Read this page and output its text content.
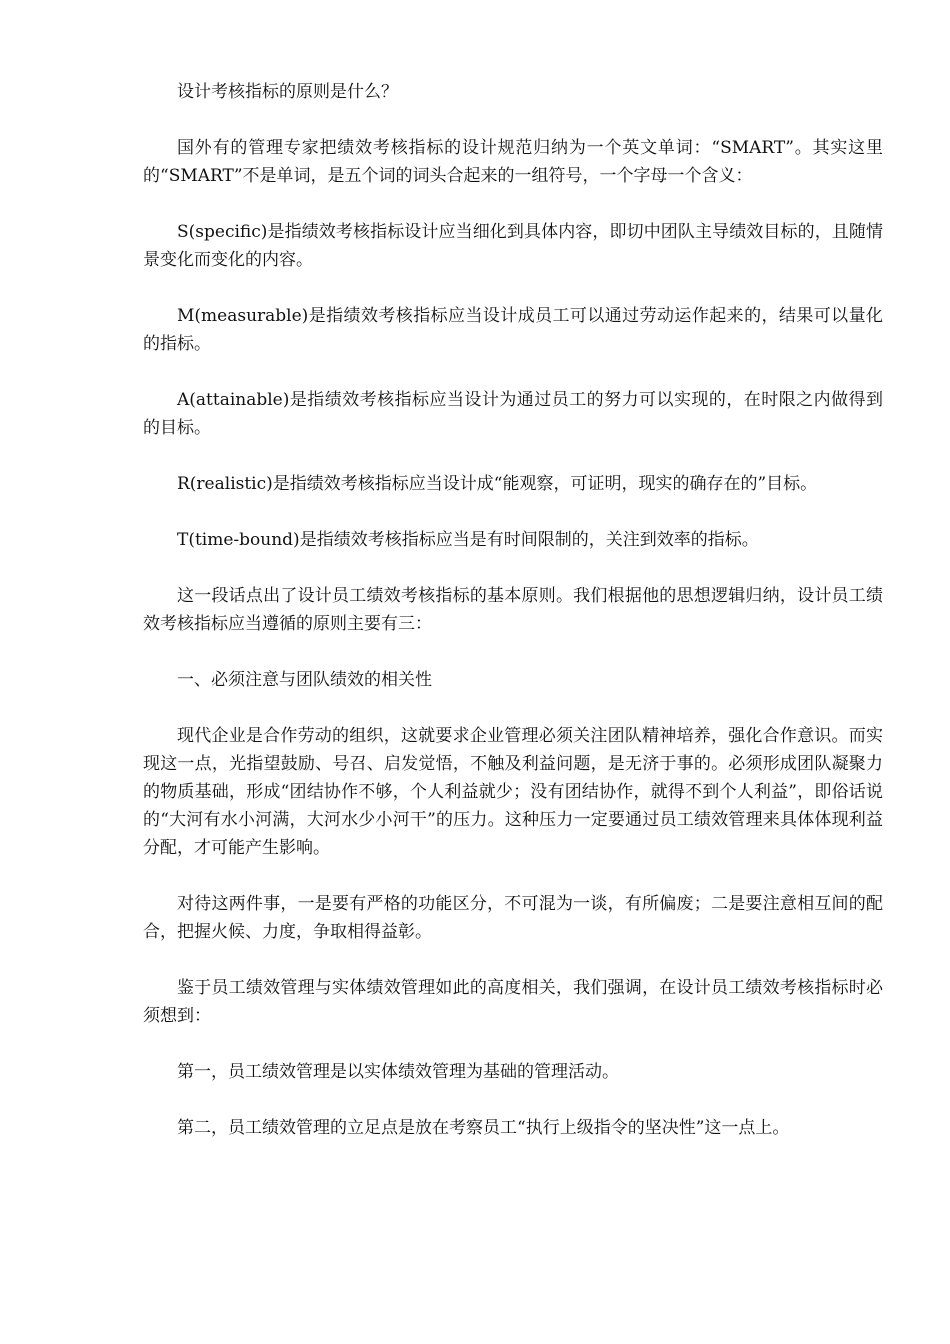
设计考核指标的原则是什么？

国外有的管理专家把绩效考核指标的设计规范归纳为一个英文单词：“SMART”。其实这里的“SMART”不是单词，是五个词的词头合起来的一组符号，一个字母一个含义：

S(specific)是指绩效考核指标设计应当细化到具体内容，即切中团队主导绩效目标的，且随情景变化而变化的内容。

M(measurable)是指绩效考核指标应当设计成员工可以通过劳动运作起来的，结果可以量化的指标。

A(attainable)是指绩效考核指标应当设计为通过员工的努力可以实现的，在时限之内做得到的目标。

R(realistic)是指绩效考核指标应当设计成“能观察，可证明，现实的确存在的”目标。

T(time-bound)是指绩效考核指标应当是有时间限制的，关注到效率的指标。

这一段话点出了设计员工绩效考核指标的基本原则。我们根据他的思想逻辑归纳，设计员工绩效考核指标应当遵循的原则主要有三：

一、必须注意与团队绩效的相关性

现代企业是合作劳动的组织，这就要求企业管理必须关注团队精神培养，强化合作意识。而实现这一点，光指望鼓励、号召、启发觉悟，不触及利益问题，是无济于事的。必须形成团队凝聚力的物质基础，形成“团结协作不够，个人利益就少；没有团结协作，就得不到个人利益”，即俗话说的“大河有水小河满，大河水少小河干”的压力。这种压力一定要通过员工绩效管理来具体体现利益分配，才可能产生影响。

对待这两件事，一是要有严格的功能区分，不可混为一谈，有所偏废；二是要注意相互间的配合，把握火候、力度，争取相得益彰。

鉴于员工绩效管理与实体绩效管理如此的高度相关，我们强调，在设计员工绩效考核指标时必须想到：

第一，员工绩效管理是以实体绩效管理为基础的管理活动。

第二，员工绩效管理的立足点是放在考察员工“执行上级指令的坚决性”这一点上。
